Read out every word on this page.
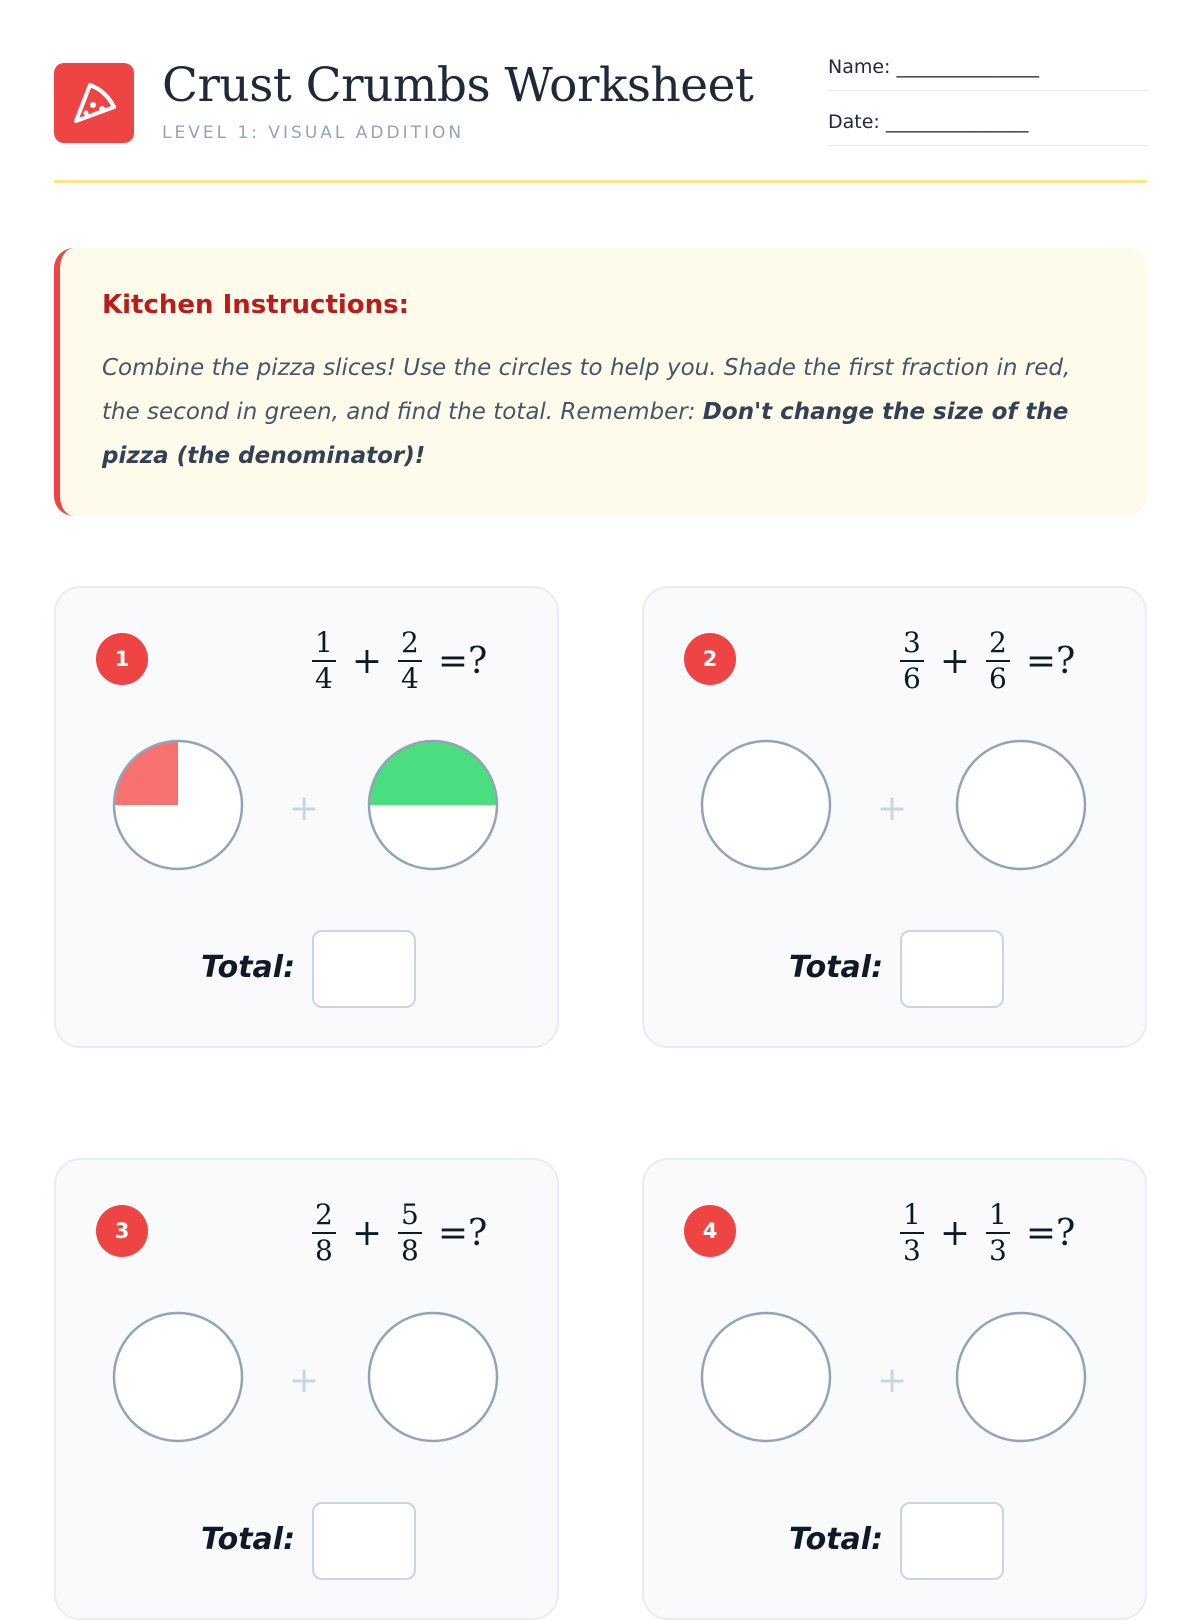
Crust Crumbs Worksheet
LEVEL 1: VISUAL ADDITION
Name: _______________
Date: _______________
Kitchen Instructions:
Combine the pizza slices! Use the circles to help you. Shade the first fraction in red, the second in green, and find the total. Remember: Don't change the size of the pizza (the denominator)!
1	$\frac{1}{4} + \frac{2}{4}$ =?
+
Total:
2	$\frac{3}{6} + \frac{2}{6}$ =?
+
Total:
3	$\frac{2}{8} + \frac{5}{8}$ =?
+
Total:
4	$\frac{1}{3} + \frac{1}{3}$ =?
+
Total:
